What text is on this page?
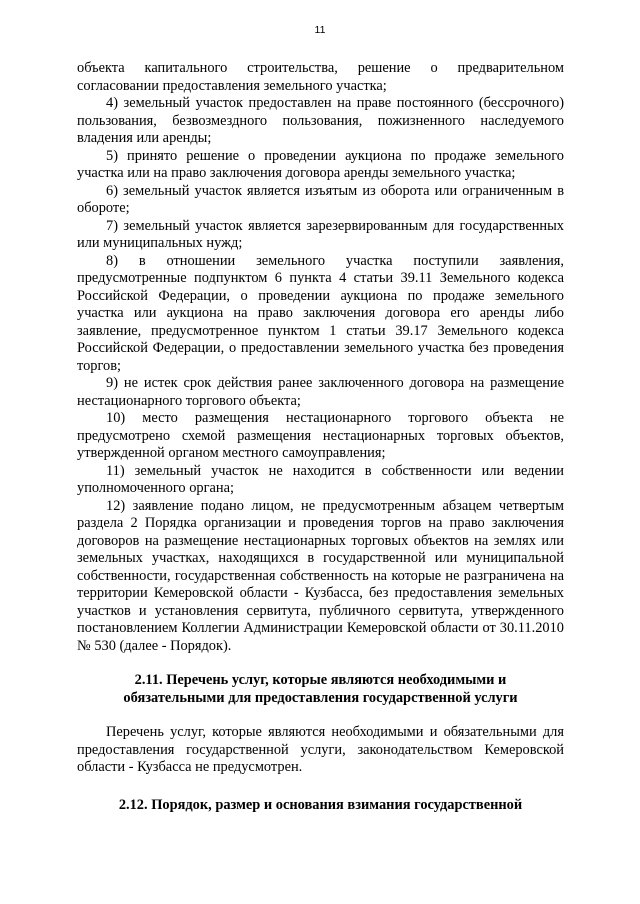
11

объекта капитального строительства, решение о предварительном согласовании предоставления земельного участка;

4) земельный участок предоставлен на праве постоянного (бессрочного) пользования, безвозмездного пользования, пожизненного наследуемого владения или аренды;

5) принято решение о проведении аукциона по продаже земельного участка или на право заключения договора аренды земельного участка;

6) земельный участок является изъятым из оборота или ограниченным в обороте;

7) земельный участок является зарезервированным для государственных или муниципальных нужд;

8) в отношении земельного участка поступили заявления, предусмотренные подпунктом 6 пункта 4 статьи 39.11 Земельного кодекса Российской Федерации, о проведении аукциона по продаже земельного участка или аукциона на право заключения договора его аренды либо заявление, предусмотренное пунктом 1 статьи 39.17 Земельного кодекса Российской Федерации, о предоставлении земельного участка без проведения торгов;

9) не истек срок действия ранее заключенного договора на размещение нестационарного торгового объекта;

10) место размещения нестационарного торгового объекта не предусмотрено схемой размещения нестационарных торговых объектов, утвержденной органом местного самоуправления;

11) земельный участок не находится в собственности или ведении уполномоченного органа;

12) заявление подано лицом, не предусмотренным абзацем четвертым раздела 2 Порядка организации и проведения торгов на право заключения договоров на размещение нестационарных торговых объектов на землях или земельных участках, находящихся в государственной или муниципальной собственности, государственная собственность на которые не разграничена на территории Кемеровской области - Кузбасса, без предоставления земельных участков и установления сервитута, публичного сервитута, утвержденного постановлением Коллегии Администрации Кемеровской области от 30.11.2010 № 530 (далее - Порядок).

2.11. Перечень услуг, которые являются необходимыми и
обязательными для предоставления государственной услуги

Перечень услуг, которые являются необходимыми и обязательными для предоставления государственной услуги, законодательством Кемеровской области - Кузбасса не предусмотрен.

2.12. Порядок, размер и основания взимания государственной
